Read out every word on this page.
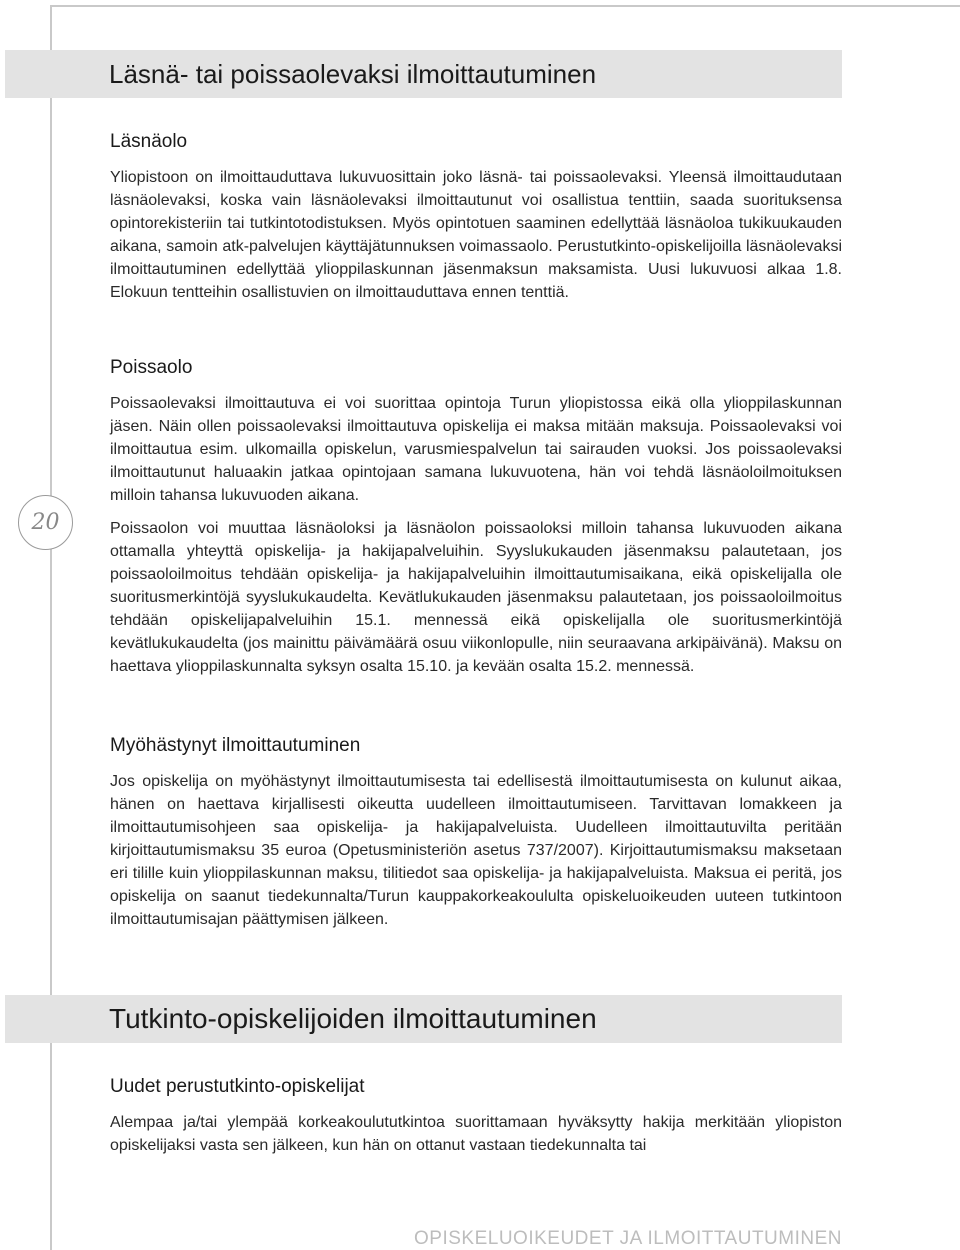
Läsnä- tai poissaolevaksi ilmoittautuminen
Läsnäolo

Yliopistoon on ilmoittauduttava lukuvuosittain joko läsnä- tai poissaolevaksi. Yleensä ilmoittaudutaan läsnäolevaksi, koska vain läsnäolevaksi ilmoittautunut voi osallistua tenttiin, saada suorituksensa opintorekisteriin tai tutkintotodistuksen. Myös opintotuen saaminen edellyttää läsnäoloa tukikuukauden aikana, samoin atk-palvelujen käyttäjätunnuksen voimassaolo. Perustutkinto-opiskelijoilla läsnäolevaksi ilmoittautuminen edellyttää ylioppilaskunnan jäsenmaksun maksamista. Uusi lukuvuosi alkaa 1.8. Elokuun tentteihin osallistuvien on ilmoittauduttava ennen tenttiä.

Poissaolo

Poissaolevaksi ilmoittautuva ei voi suorittaa opintoja Turun yliopistossa eikä olla ylioppilaskunnan jäsen. Näin ollen poissaolevaksi ilmoittautuva opiskelija ei maksa mitään maksuja. Poissaolevaksi voi ilmoittautua esim. ulkomailla opiskelun, varusmiespalvelun tai sairauden vuoksi. Jos poissaolevaksi ilmoittautunut haluaakin jatkaa opintojaan samana lukuvuotena, hän voi tehdä läsnäoloilmoituksen milloin tahansa lukuvuoden aikana.

Poissaolon voi muuttaa läsnäoloksi ja läsnäolon poissaoloksi milloin tahansa lukuvuoden aikana ottamalla yhteyttä opiskelija- ja hakijapalveluihin. Syyslukukauden jäsenmaksu palautetaan, jos poissaoloilmoitus tehdään opiskelija- ja hakijapalveluihin ilmoittautumisaikana, eikä opiskelijalla ole suoritusmerkintöjä syyslukukaudelta. Kevätlukukauden jäsenmaksu palautetaan, jos poissaoloilmoitus tehdään opiskelijapalveluihin 15.1. mennessä eikä opiskelijalla ole suoritusmerkintöjä kevätlukukaudelta (jos mainittu päivämäärä osuu viikonlopulle, niin seuraavana arkipäivänä). Maksu on haettava ylioppilaskunnalta syksyn osalta 15.10. ja kevään osalta 15.2. mennessä.

20
Myöhästynyt ilmoittautuminen

Jos opiskelija on myöhästynyt ilmoittautumisesta tai edellisestä ilmoittautumisesta on kulunut aikaa, hänen on haettava kirjallisesti oikeutta uudelleen ilmoittautumiseen. Tarvittavan lomakkeen ja ilmoittautumisohjeen saa opiskelija- ja hakijapalveluista. Uudelleen ilmoittautuvilta peritään kirjoittautumismaksu 35 euroa (Opetusministeriön asetus 737/2007). Kirjoittautumismaksu maksetaan eri tilille kuin ylioppilaskunnan maksu, tilitiedot saa opiskelija- ja hakijapalveluista. Maksua ei peritä, jos opiskelija on saanut tiedekunnalta/Turun kauppakorkeakoululta opiskeluoikeuden uuteen tutkintoon ilmoittautumisajan päättymisen jälkeen.

Tutkinto-opiskelijoiden ilmoittautuminen
Uudet perustutkinto-opiskelijat

Alempaa ja/tai ylempää korkeakoulututkintoa suorittamaan hyväksytty hakija merkitään yliopiston opiskelijaksi vasta sen jälkeen, kun hän on ottanut vastaan tiedekunnalta tai

OPISKELUOIKEUDET JA ILMOITTAUTUMINEN
